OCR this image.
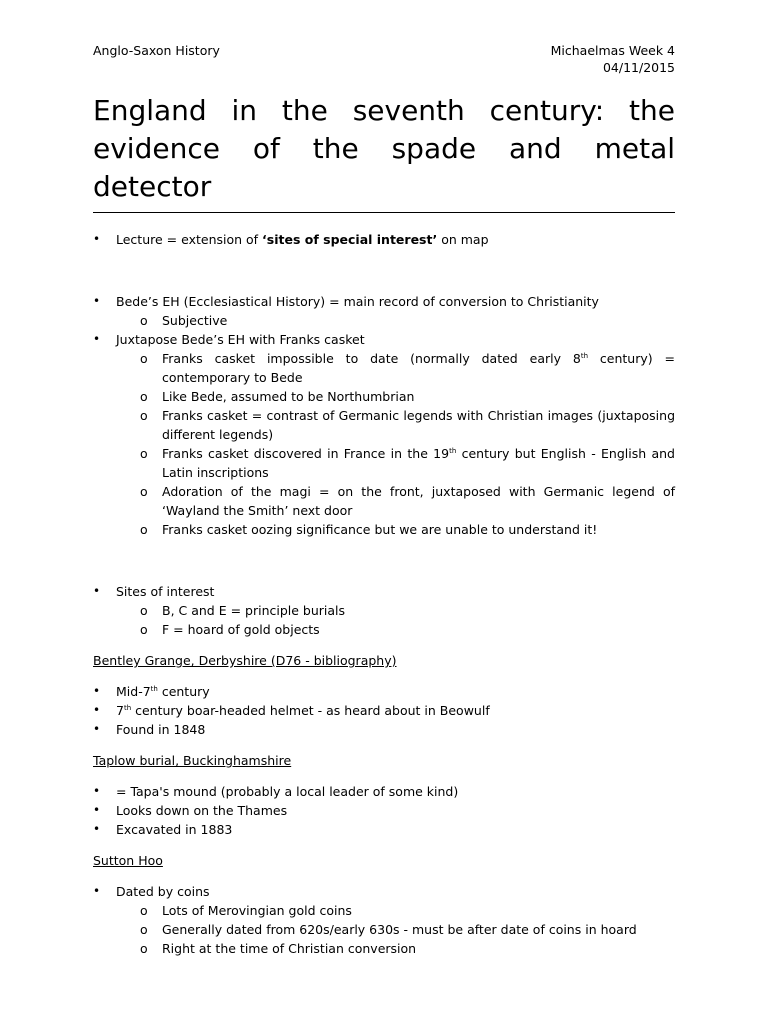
Anglo-Saxon History	Michaelmas Week 4
04/11/2015
England in the seventh century: the evidence of the spade and metal detector
• Lecture = extension of ‘sites of special interest’ on map
• Bede’s EH (Ecclesiastical History) = main record of conversion to Christianity
o Subjective
• Juxtapose Bede’s EH with Franks casket
o Franks casket impossible to date (normally dated early 8th century) = contemporary to Bede
o Like Bede, assumed to be Northumbrian
o Franks casket = contrast of Germanic legends with Christian images (juxtaposing different legends)
o Franks casket discovered in France in the 19th century but English - English and Latin inscriptions
o Adoration of the magi = on the front, juxtaposed with Germanic legend of ‘Wayland the Smith’ next door
o Franks casket oozing significance but we are unable to understand it!
• Sites of interest
o B, C and E = principle burials
o F = hoard of gold objects
Bentley Grange, Derbyshire (D76 - bibliography)
• Mid-7th century
• 7th century boar-headed helmet - as heard about in Beowulf
• Found in 1848
Taplow burial, Buckinghamshire
• = Tapa's mound (probably a local leader of some kind)
• Looks down on the Thames
• Excavated in 1883
Sutton Hoo
• Dated by coins
o Lots of Merovingian gold coins
o Generally dated from 620s/early 630s - must be after date of coins in hoard
o Right at the time of Christian conversion
